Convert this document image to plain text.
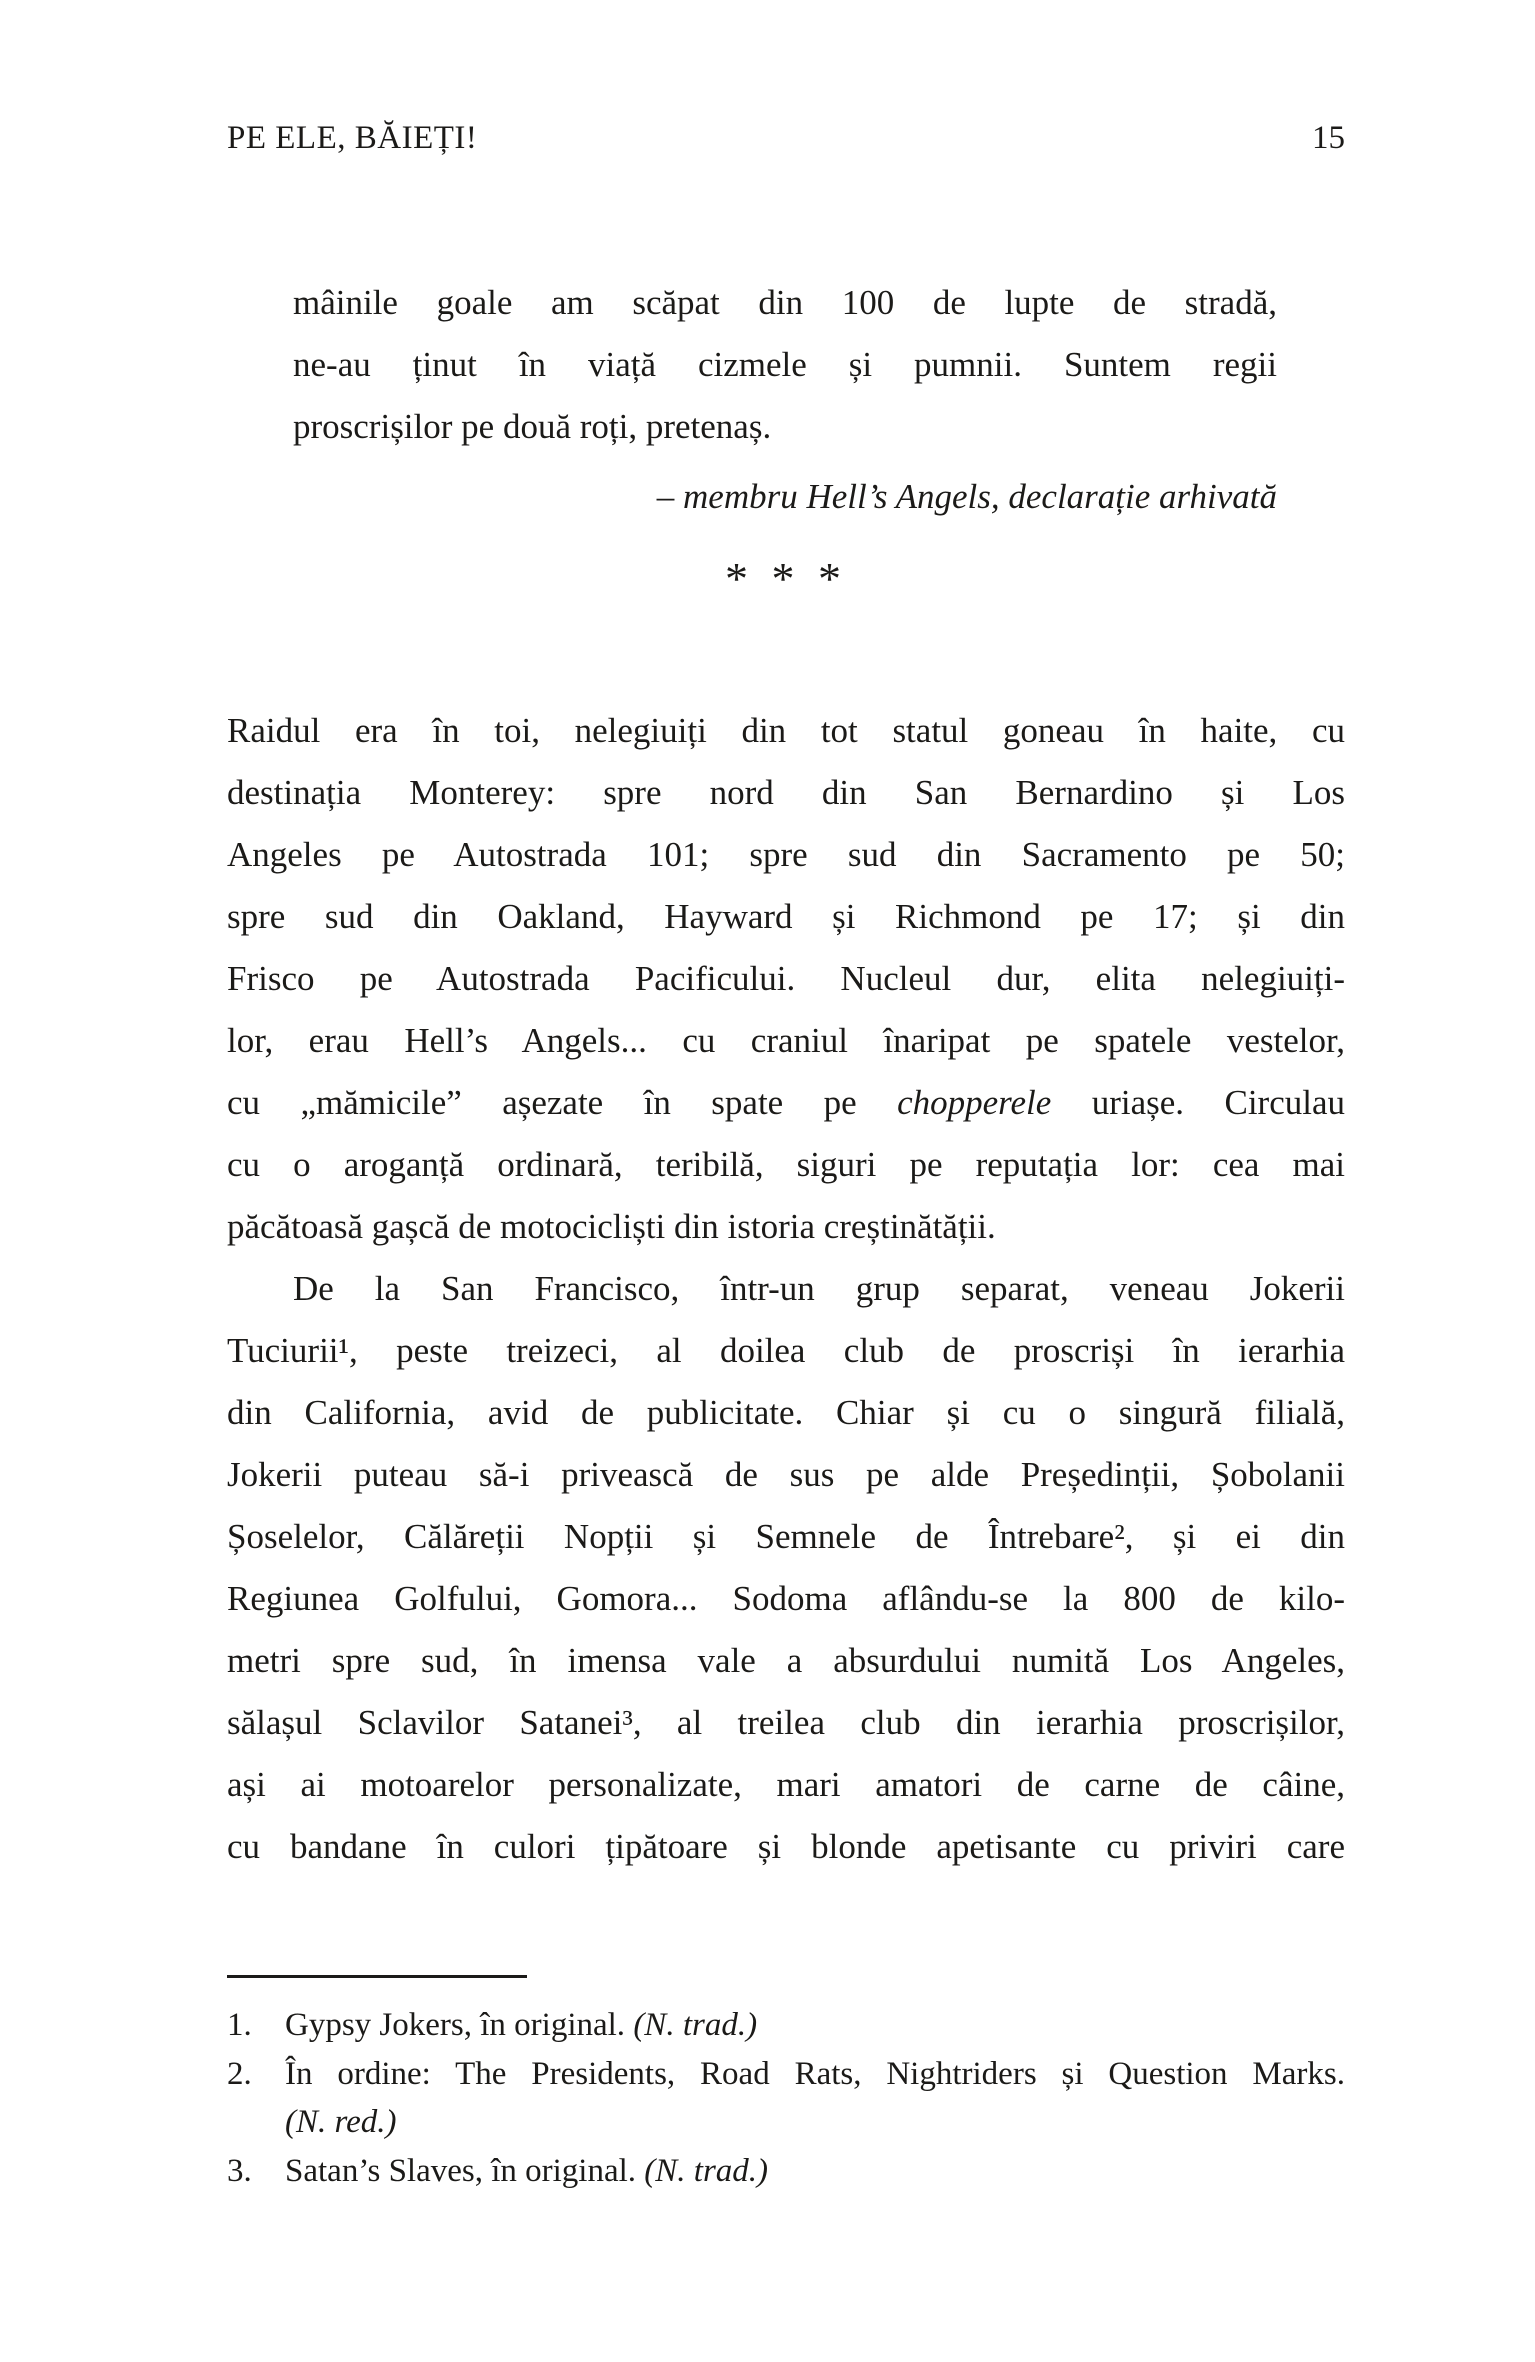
PE ELE, BĂIEȚI!	15
mâinile goale am scăpat din 100 de lupte de stradă,
ne-au ținut în viață cizmele și pumnii. Suntem regii
proscrișilor pe două roți, pretenaș.
– membru Hell’s Angels, declarație arhivată
* * *
Raidul era în toi, nelegiuiți din tot statul goneau în haite, cu
destinația Monterey: spre nord din San Bernardino și Los
Angeles pe Autostrada 101; spre sud din Sacramento pe 50;
spre sud din Oakland, Hayward și Richmond pe 17; și din
Frisco pe Autostrada Pacificului. Nucleul dur, elita nelegiuiți-
lor, erau Hell’s Angels... cu craniul înaripat pe spatele vestelor,
cu „mămicile” așezate în spate pe chopperele uriașe. Circulau
cu o aroganță ordinară, teribilă, siguri pe reputația lor: cea mai
păcătoasă gașcă de motocicliști din istoria creștinătății.
De la San Francisco, într-un grup separat, veneau Jokerii
Tuciurii¹, peste treizeci, al doilea club de proscriși în ierarhia
din California, avid de publicitate. Chiar și cu o singură filială,
Jokerii puteau să-i privească de sus pe alde Președinții, Șobolanii
Șoselelor, Călăreții Nopții și Semnele de Întrebare², și ei din
Regiunea Golfului, Gomora... Sodoma aflându-se la 800 de kilo-
metri spre sud, în imensa vale a absurdului numită Los Angeles,
sălașul Sclavilor Satanei³, al treilea club din ierarhia proscrișilor,
ași ai motoarelor personalizate, mari amatori de carne de câine,
cu bandane în culori țipătoare și blonde apetisante cu priviri care
1. Gypsy Jokers, în original. (N. trad.)
2. În ordine: The Presidents, Road Rats, Nightriders și Question Marks.
(N. red.)
3. Satan’s Slaves, în original. (N. trad.)
